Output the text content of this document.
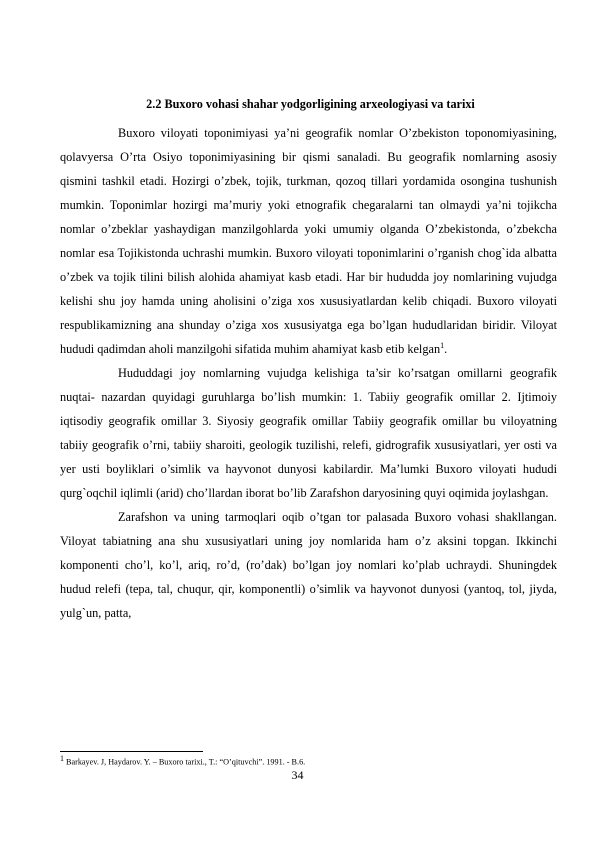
2.2 Buxoro vohasi shahar yodgorligining arxeologiyasi va tarixi

Buxoro viloyati toponimiyasi ya’ni geografik nomlar O’zbekiston toponomiyasining, qolavyersa O’rta Osiyo toponimiyasining bir qismi sanaladi. Bu geografik nomlarning asosiy qismini tashkil etadi. Hozirgi o’zbek, tojik, turkman, qozoq tillari yordamida osongina tushunish mumkin. Toponimlar hozirgi ma’muriy yoki etnografik chegaralarni tan olmaydi ya’ni tojikcha nomlar o’zbeklar yashaydigan manzilgohlarda yoki umumiy olganda O’zbekistonda, o’zbekcha nomlar esa Tojikistonda uchrashi mumkin. Buxoro viloyati toponimlarini o’rganish chog`ida albatta o’zbek va tojik tilini bilish alohida ahamiyat kasb etadi. Har bir hududda joy nomlarining vujudga kelishi shu joy hamda uning aholisini o’ziga xos xususiyatlardan kelib chiqadi. Buxoro viloyati respublikamizning ana shunday o’ziga xos xususiyatga ega bo’lgan hududlaridan biridir. Viloyat hududi qadimdan aholi manzilgohi sifatida muhim ahamiyat kasb etib kelgan$^1$.

Hududdagi joy nomlarning vujudga kelishiga ta’sir ko’rsatgan omillarni geografik nuqtai- nazardan quyidagi guruhlarga bo’lish mumkin: 1. Tabiiy geografik omillar 2. Ijtimoiy iqtisodiy geografik omillar 3. Siyosiy geografik omillar Tabiiy geografik omillar bu viloyatning tabiiy geografik o’rni, tabiiy sharoiti, geologik tuzilishi, relefi, gidrografik xususiyatlari, yer osti va yer usti boyliklari o’simlik va hayvonot dunyosi kabilardir. Ma’lumki Buxoro viloyati hududi qurg`oqchil iqlimli (arid) cho’llardan iborat bo’lib Zarafshon daryosining quyi oqimida joylashgan.

Zarafshon va uning tarmoqlari oqib o’tgan tor palasada Buxoro vohasi shakllangan. Viloyat tabiatning ana shu xususiyatlari uning joy nomlarida ham o’z aksini topgan. Ikkinchi komponenti cho’l, ko’l, ariq, ro’d, (ro’dak) bo’lgan joy nomlari ko’plab uchraydi. Shuningdek hudud relefi (tepa, tal, chuqur, qir, komponentli) o’simlik va hayvonot dunyosi (yantoq, tol, jiyda, yulg`un, patta,

1 Barkayev. J, Haydarov. Y. – Buxoro tarixi., T.: “O’qituvchi”. 1991. - B.6.
34
